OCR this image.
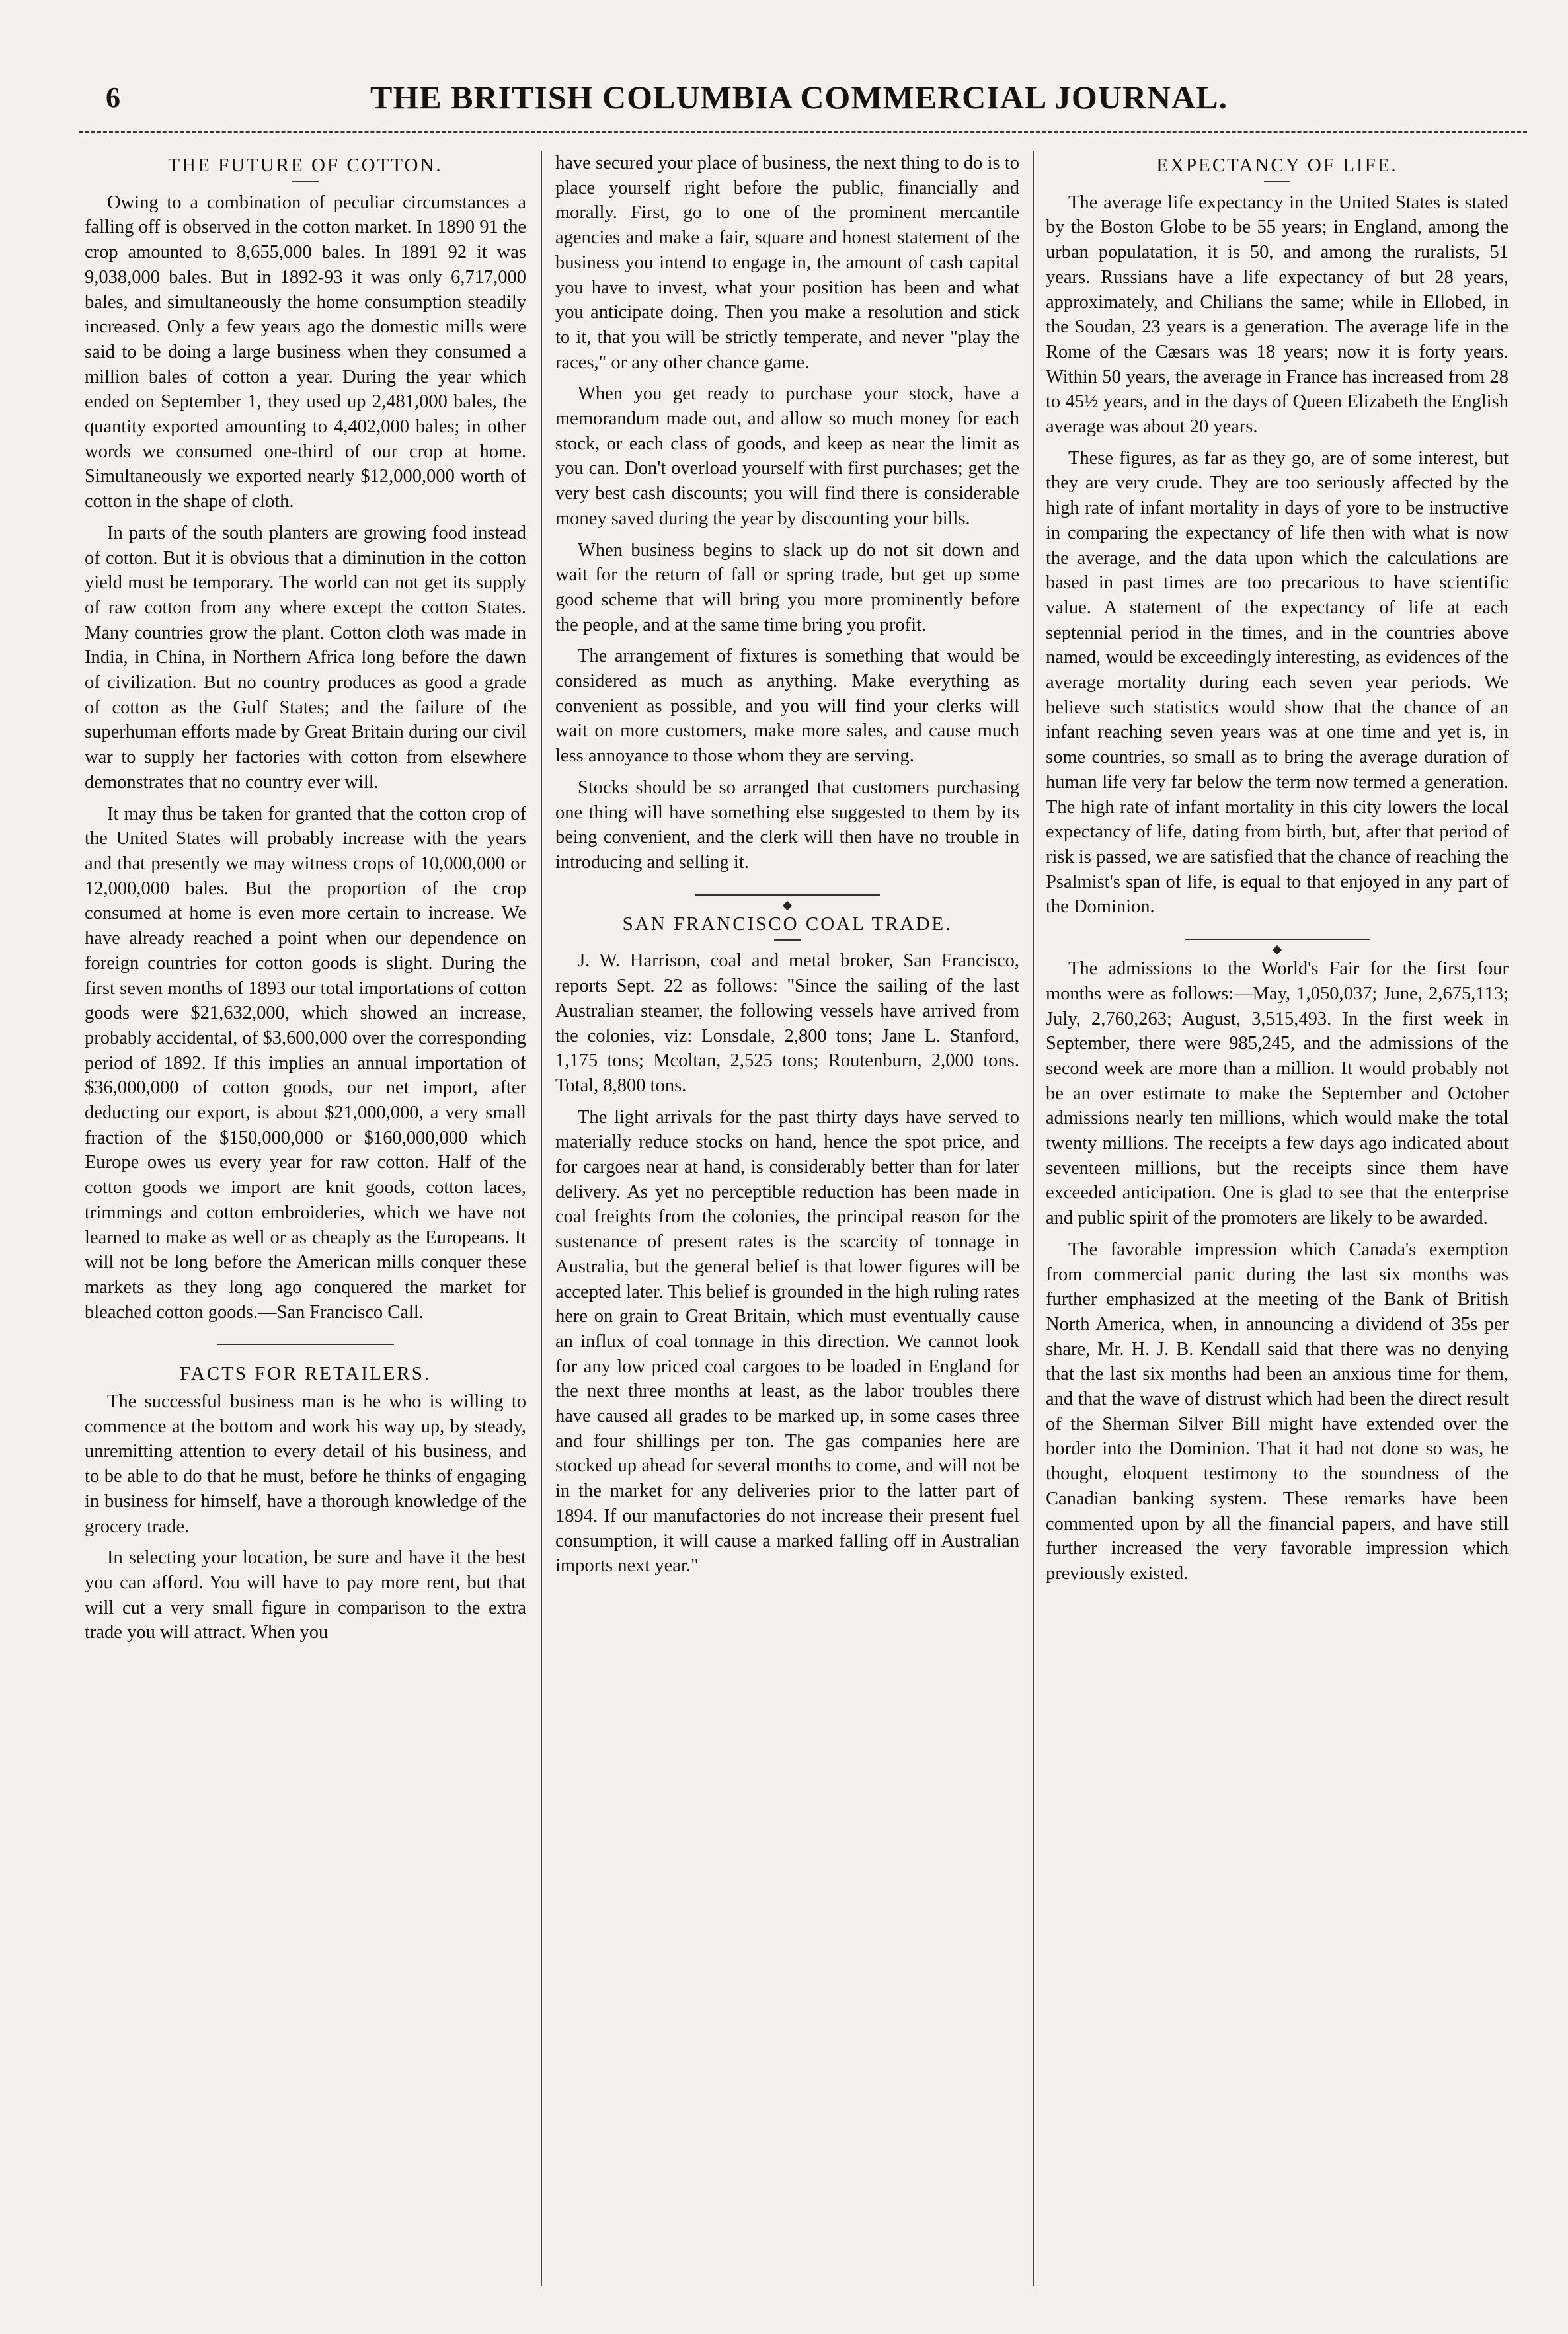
6	THE BRITISH COLUMBIA COMMERCIAL JOURNAL.
THE FUTURE OF COTTON.

Owing to a combination of peculiar circumstances a falling off is observed in the cotton market. In 1890 91 the crop amounted to 8,655,000 bales. In 1891 92 it was 9,038,000 bales. But in 1892-93 it was only 6,717,000 bales, and simultaneously the home consumption steadily increased. Only a few years ago the domestic mills were said to be doing a large business when they consumed a million bales of cotton a year. During the year which ended on September 1, they used up 2,481,000 bales, the quantity exported amounting to 4,402,000 bales; in other words we consumed one-third of our crop at home. Simultaneously we exported nearly $12,000,000 worth of cotton in the shape of cloth.

In parts of the south planters are growing food instead of cotton. But it is obvious that a diminution in the cotton yield must be temporary. The world can not get its supply of raw cotton from any where except the cotton States. Many countries grow the plant. Cotton cloth was made in India, in China, in Northern Africa long before the dawn of civilization. But no country produces as good a grade of cotton as the Gulf States; and the failure of the superhuman efforts made by Great Britain during our civil war to supply her factories with cotton from elsewhere demonstrates that no country ever will.

It may thus be taken for granted that the cotton crop of the United States will probably increase with the years and that presently we may witness crops of 10,000,000 or 12,000,000 bales. But the proportion of the crop consumed at home is even more certain to increase. We have already reached a point when our dependence on foreign countries for cotton goods is slight. During the first seven months of 1893 our total importations of cotton goods were $21,632,000, which showed an increase, probably accidental, of $3,600,000 over the corresponding period of 1892. If this implies an annual importation of $36,000,000 of cotton goods, our net import, after deducting our export, is about $21,000,000, a very small fraction of the $150,000,000 or $160,000,000 which Europe owes us every year for raw cotton. Half of the cotton goods we import are knit goods, cotton laces, trimmings and cotton embroideries, which we have not learned to make as well or as cheaply as the Europeans. It will not be long before the American mills conquer these markets as they long ago conquered the market for bleached cotton goods.—San Francisco Call.

FACTS FOR RETAILERS.

The successful business man is he who is willing to commence at the bottom and work his way up, by steady, unremitting attention to every detail of his business, and to be able to do that he must, before he thinks of engaging in business for himself, have a thorough knowledge of the grocery trade.

In selecting your location, be sure and have it the best you can afford. You will have to pay more rent, but that will cut a very small figure in comparison to the extra trade you will attract. When you

have secured your place of business, the next thing to do is to place yourself right before the public, financially and morally. First, go to one of the prominent mercantile agencies and make a fair, square and honest statement of the business you intend to engage in, the amount of cash capital you have to invest, what your position has been and what you anticipate doing. Then you make a resolution and stick to it, that you will be strictly temperate, and never "play the races," or any other chance game.

When you get ready to purchase your stock, have a memorandum made out, and allow so much money for each stock, or each class of goods, and keep as near the limit as you can. Don't overload yourself with first purchases; get the very best cash discounts; you will find there is considerable money saved during the year by discounting your bills.

When business begins to slack up do not sit down and wait for the return of fall or spring trade, but get up some good scheme that will bring you more prominently before the people, and at the same time bring you profit.

The arrangement of fixtures is something that would be considered as much as anything. Make everything as convenient as possible, and you will find your clerks will wait on more customers, make more sales, and cause much less annoyance to those whom they are serving.

Stocks should be so arranged that customers purchasing one thing will have something else suggested to them by its being convenient, and the clerk will then have no trouble in introducing and selling it.

SAN FRANCISCO COAL TRADE.

J. W. Harrison, coal and metal broker, San Francisco, reports Sept. 22 as follows: "Since the sailing of the last Australian steamer, the following vessels have arrived from the colonies, viz: Lonsdale, 2,800 tons; Jane L. Stanford, 1,175 tons; Mcoltan, 2,525 tons; Routenburn, 2,000 tons. Total, 8,800 tons.

The light arrivals for the past thirty days have served to materially reduce stocks on hand, hence the spot price, and for cargoes near at hand, is considerably better than for later delivery. As yet no perceptible reduction has been made in coal freights from the colonies, the principal reason for the sustenance of present rates is the scarcity of tonnage in Australia, but the general belief is that lower figures will be accepted later. This belief is grounded in the high ruling rates here on grain to Great Britain, which must eventually cause an influx of coal tonnage in this direction. We cannot look for any low priced coal cargoes to be loaded in England for the next three months at least, as the labor troubles there have caused all grades to be marked up, in some cases three and four shillings per ton. The gas companies here are stocked up ahead for several months to come, and will not be in the market for any deliveries prior to the latter part of 1894. If our manufactories do not increase their present fuel consumption, it will cause a marked falling off in Australian imports next year."

EXPECTANCY OF LIFE.

The average life expectancy in the United States is stated by the Boston Globe to be 55 years; in England, among the urban populatation, it is 50, and among the ruralists, 51 years. Russians have a life expectancy of but 28 years, approximately, and Chilians the same; while in Ellobed, in the Soudan, 23 years is a generation. The average life in the Rome of the Cæsars was 18 years; now it is forty years. Within 50 years, the average in France has increased from 28 to 45½ years, and in the days of Queen Elizabeth the English average was about 20 years.

These figures, as far as they go, are of some interest, but they are very crude. They are too seriously affected by the high rate of infant mortality in days of yore to be instructive in comparing the expectancy of life then with what is now the average, and the data upon which the calculations are based in past times are too precarious to have scientific value. A statement of the expectancy of life at each septennial period in the times, and in the countries above named, would be exceedingly interesting, as evidences of the average mortality during each seven year periods. We believe such statistics would show that the chance of an infant reaching seven years was at one time and yet is, in some countries, so small as to bring the average duration of human life very far below the term now termed a generation. The high rate of infant mortality in this city lowers the local expectancy of life, dating from birth, but, after that period of risk is passed, we are satisfied that the chance of reaching the Psalmist's span of life, is equal to that enjoyed in any part of the Dominion.

The admissions to the World's Fair for the first four months were as follows:—May, 1,050,037; June, 2,675,113; July, 2,760,263; August, 3,515,493. In the first week in September, there were 985,245, and the admissions of the second week are more than a million. It would probably not be an over estimate to make the September and October admissions nearly ten millions, which would make the total twenty millions. The receipts a few days ago indicated about seventeen millions, but the receipts since them have exceeded anticipation. One is glad to see that the enterprise and public spirit of the promoters are likely to be awarded.

The favorable impression which Canada's exemption from commercial panic during the last six months was further emphasized at the meeting of the Bank of British North America, when, in announcing a dividend of 35s per share, Mr. H. J. B. Kendall said that there was no denying that the last six months had been an anxious time for them, and that the wave of distrust which had been the direct result of the Sherman Silver Bill might have extended over the border into the Dominion. That it had not done so was, he thought, eloquent testimony to the soundness of the Canadian banking system. These remarks have been commented upon by all the financial papers, and have still further increased the very favorable impression which previously existed.
